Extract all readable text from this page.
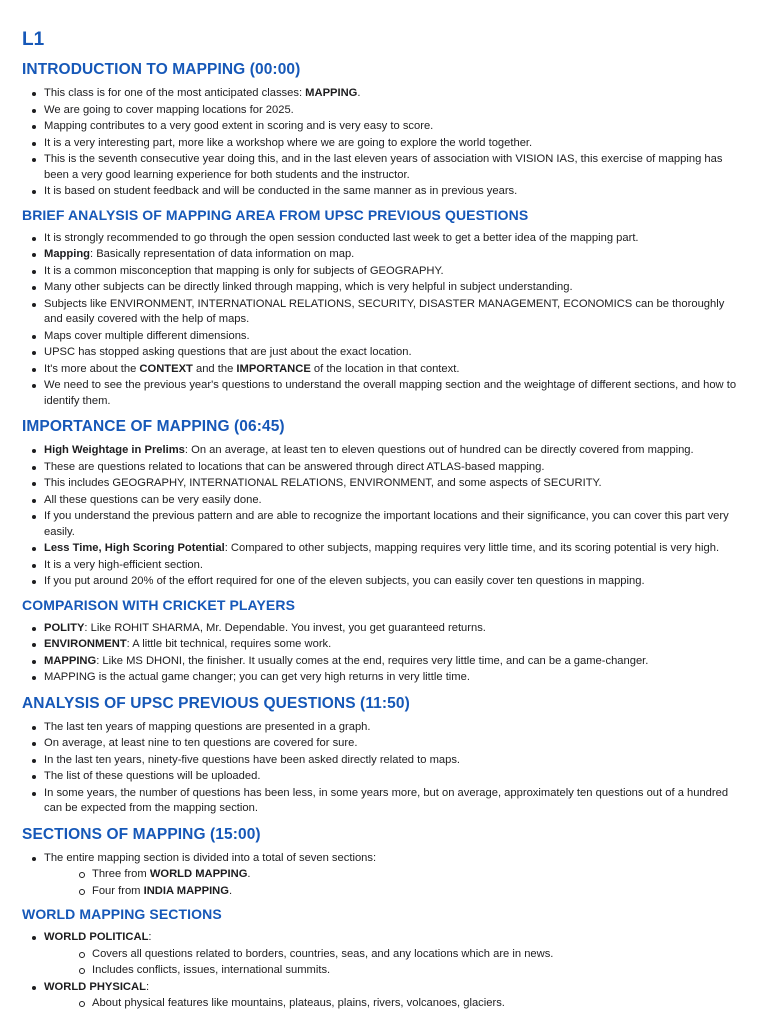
L1
INTRODUCTION TO MAPPING (00:00)
This class is for one of the most anticipated classes: MAPPING.
We are going to cover mapping locations for 2025.
Mapping contributes to a very good extent in scoring and is very easy to score.
It is a very interesting part, more like a workshop where we are going to explore the world together.
This is the seventh consecutive year doing this, and in the last eleven years of association with VISION IAS, this exercise of mapping has been a very good learning experience for both students and the instructor.
It is based on student feedback and will be conducted in the same manner as in previous years.
BRIEF ANALYSIS OF MAPPING AREA FROM UPSC PREVIOUS QUESTIONS
It is strongly recommended to go through the open session conducted last week to get a better idea of the mapping part.
Mapping: Basically representation of data information on map.
It is a common misconception that mapping is only for subjects of GEOGRAPHY.
Many other subjects can be directly linked through mapping, which is very helpful in subject understanding.
Subjects like ENVIRONMENT, INTERNATIONAL RELATIONS, SECURITY, DISASTER MANAGEMENT, ECONOMICS can be thoroughly and easily covered with the help of maps.
Maps cover multiple different dimensions.
UPSC has stopped asking questions that are just about the exact location.
It's more about the CONTEXT and the IMPORTANCE of the location in that context.
We need to see the previous year's questions to understand the overall mapping section and the weightage of different sections, and how to identify them.
IMPORTANCE OF MAPPING (06:45)
High Weightage in Prelims: On an average, at least ten to eleven questions out of hundred can be directly covered from mapping.
These are questions related to locations that can be answered through direct ATLAS-based mapping.
This includes GEOGRAPHY, INTERNATIONAL RELATIONS, ENVIRONMENT, and some aspects of SECURITY.
All these questions can be very easily done.
If you understand the previous pattern and are able to recognize the important locations and their significance, you can cover this part very easily.
Less Time, High Scoring Potential: Compared to other subjects, mapping requires very little time, and its scoring potential is very high.
It is a very high-efficient section.
If you put around 20% of the effort required for one of the eleven subjects, you can easily cover ten questions in mapping.
COMPARISON WITH CRICKET PLAYERS
POLITY: Like ROHIT SHARMA, Mr. Dependable. You invest, you get guaranteed returns.
ENVIRONMENT: A little bit technical, requires some work.
MAPPING: Like MS DHONI, the finisher. It usually comes at the end, requires very little time, and can be a game-changer.
MAPPING is the actual game changer; you can get very high returns in very little time.
ANALYSIS OF UPSC PREVIOUS QUESTIONS (11:50)
The last ten years of mapping questions are presented in a graph.
On average, at least nine to ten questions are covered for sure.
In the last ten years, ninety-five questions have been asked directly related to maps.
The list of these questions will be uploaded.
In some years, the number of questions has been less, in some years more, but on average, approximately ten questions out of a hundred can be expected from the mapping section.
SECTIONS OF MAPPING (15:00)
The entire mapping section is divided into a total of seven sections:
Three from WORLD MAPPING.
Four from INDIA MAPPING.
WORLD MAPPING SECTIONS
WORLD POLITICAL:
Covers all questions related to borders, countries, seas, and any locations which are in news.
Includes conflicts, issues, international summits.
WORLD PHYSICAL:
About physical features like mountains, plateaus, plains, rivers, volcanoes, glaciers.
